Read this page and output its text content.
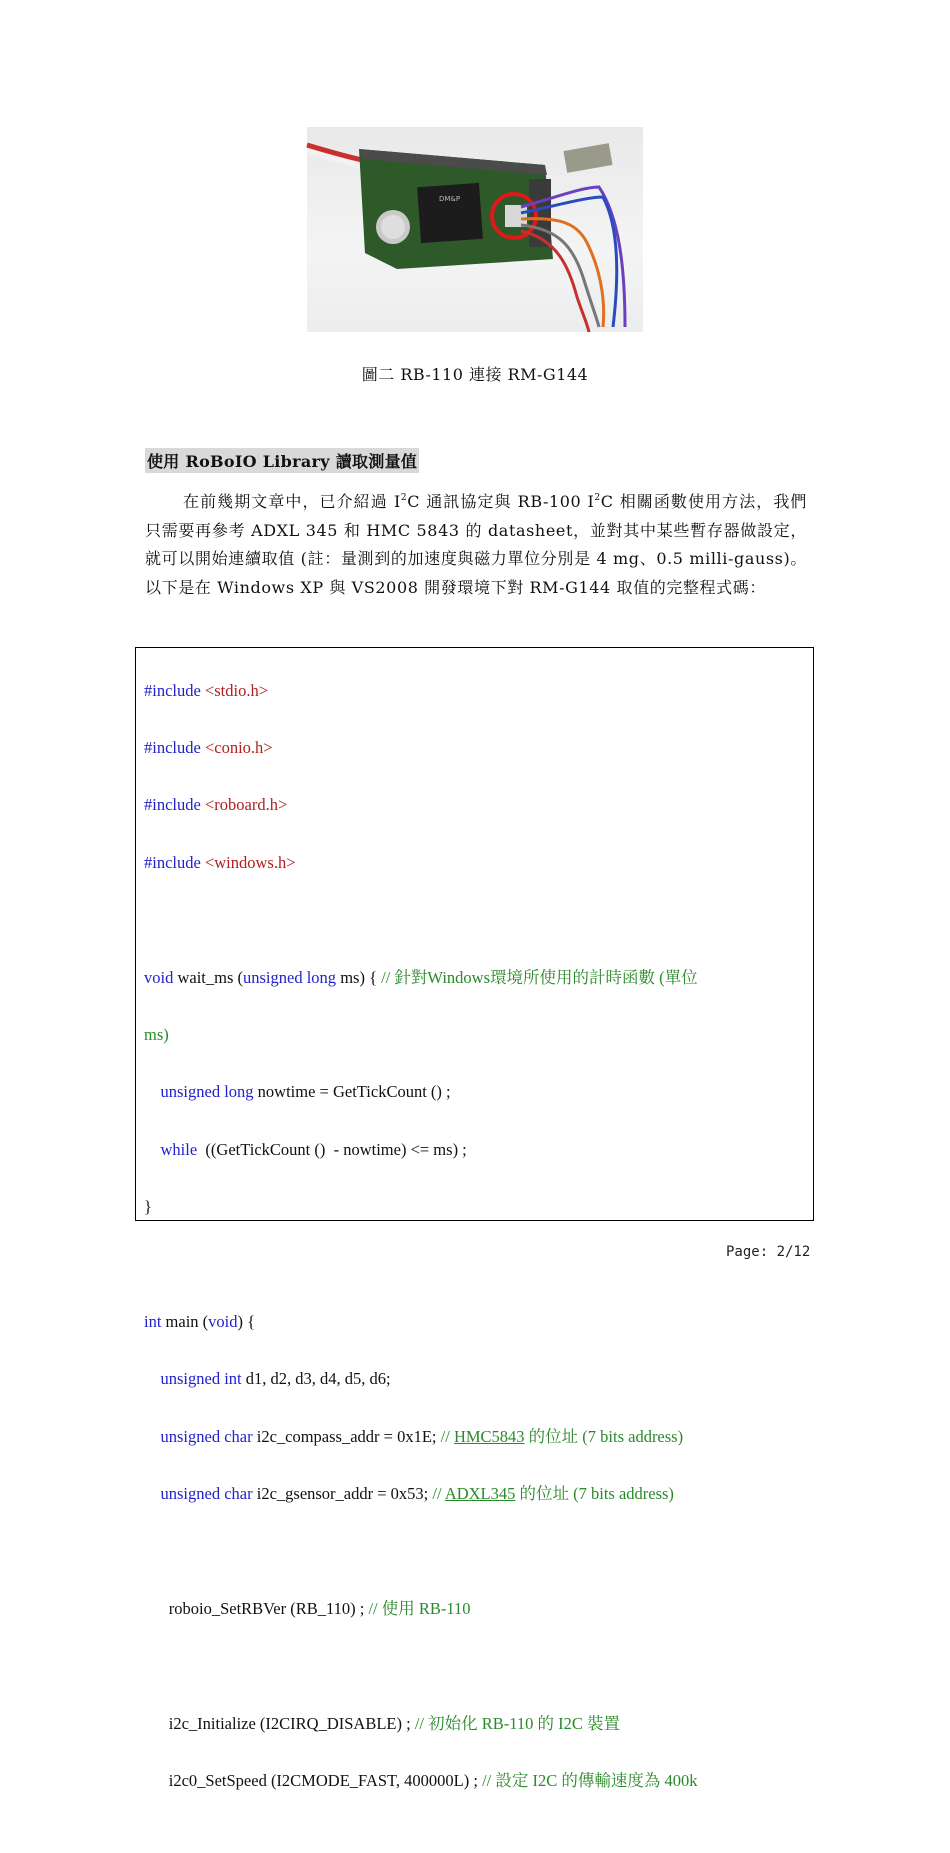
DM&P
圖二 RB-110 連接 RM-G144
使用 RoBoIO Library 讀取測量值

在前幾期文章中，已介紹過 $I^2C$ 通訊協定與 RB-100 $I^2C$ 相關函數使用方法，我們只需要再參考 ADXL 345 和 HMC 5843 的 datasheet，並對其中某些暫存器做設定，就可以開始連續取值 (註：量測到的加速度與磁力單位分別是 4 mg、0.5 milli-gauss)。以下是在 Windows XP 與 VS2008 開發環境下對 RM-G144 取值的完整程式碼：

#include <stdio.h>

#include <conio.h>

#include <roboard.h>

#include <windows.h>

void wait_ms (unsigned long ms) { // 針對Windows環境所使用的計時函數 (單位

ms)

unsigned long nowtime = GetTickCount () ;

while  ((GetTickCount ()  - nowtime) <= ms) ;

}

int main (void) {

unsigned int d1, d2, d3, d4, d5, d6;

unsigned char i2c_compass_addr = 0x1E; // HMC5843 的位址 (7 bits address)

unsigned char i2c_gsensor_addr = 0x53; // ADXL345 的位址 (7 bits address)

roboio_SetRBVer (RB_110) ; // 使用 RB-110

i2c_Initialize (I2CIRQ_DISABLE) ; // 初始化 RB-110 的 I2C 裝置

i2c0_SetSpeed (I2CMODE_FAST, 400000L) ; // 設定 I2C 的傳輸速度為 400k

Page: 2/12
